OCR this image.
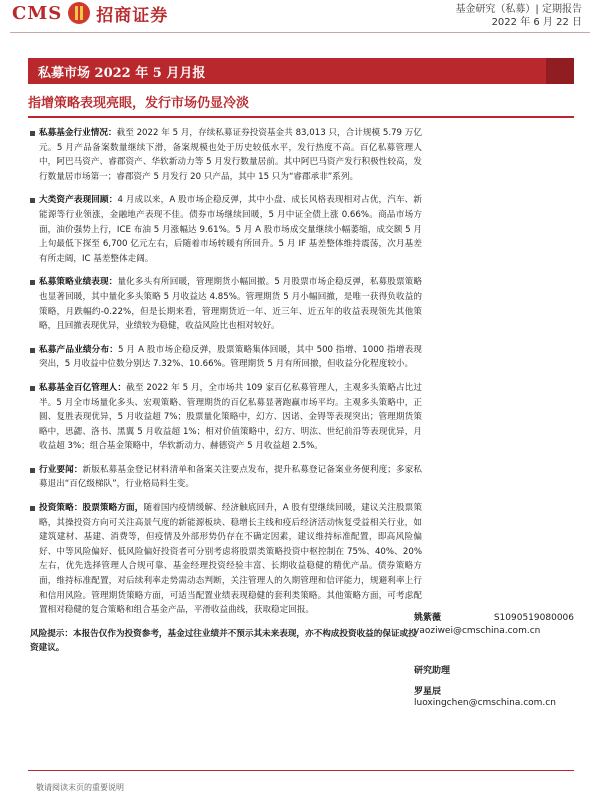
CMS 招商证券	基金研究（私募）| 定期报告
2022 年 6 月 22 日
私募市场 2022 年 5 月月报
指增策略表现亮眼，发行市场仍显冷淡
私募基金行业情况：截至 2022 年 5 月，存续私募证券投资基金共 83,013 只，合计规模 5.79 万亿元。5 月产品备案数量继续下滑，备案规模也处于历史较低水平，发行热度不高。百亿私募管理人中，阿巴马资产、睿郡资产、华软新动力等 5 月发行数量居前。其中阿巴马资产发行积极性较高，发行数量居市场第一；睿郡资产 5 月发行 20 只产品，其中 15 只为“睿郡承非”系列。
大类资产表现回顾：4 月成以来，A 股市场企稳反弹，其中小盘、成长风格表现相对占优，汽车、新能源等行业领涨，金融地产表现不佳。债券市场继续回暖，5 月中证全债上涨 0.66%。商品市场方面，油价强势上行，ICE 布油 5 月涨幅达 9.61%。5 月 A 股市场成交量继续小幅萎缩，成交额 5 月上旬最低下探至 6,700 亿元左右，后随着市场转暖有所回升。5 月 IF 基差整体维持震荡，次月基差有所走阔，IC 基差整体走阔。
私募策略业绩表现：量化多头有所回暖，管理期货小幅回撤。5 月股票市场企稳反弹，私募股票策略也显著回暖，其中量化多头策略 5 月收益达 4.85%。管理期货 5 月小幅回撤，是唯一获得负收益的策略，月跌幅约-0.22%，但是长期来看，管理期货近一年、近三年、近五年的收益表现领先其他策略，且回撤表现优异，业绩较为稳健，收益风险比也相对较好。
私募产品业绩分布：5 月 A 股市场企稳反弹，股票策略集体回暖，其中 500 指增、1000 指增表现突出，5 月收益中位数分别达 7.32%、10.66%。管理期货 5 月有所回撤，但收益分化程度较小。
私募基金百亿管理人：截至 2022 年 5 月，全市场共 109 家百亿私募管理人，主观多头策略占比过半。5 月全市场量化多头、宏观策略、管理期货的百亿私募显著跑赢市场平均。主观多头策略中，正圆、复胜表现优异，5 月收益超 7%；股票量化策略中，幻方、因诺、金锝等表现突出；管理期货策略中，思勰、洛书、黑翼 5 月收益超 1%；相对价值策略中，幻方、明汯、世纪前沿等表现优异，月收益超 3%；组合基金策略中，华软新动力、赫德资产 5 月收益超 2.5%。
行业要闻：新版私募基金登记材料清单和备案关注要点发布，提升私募登记备案业务便利度；多家私募退出“百亿级梯队”，行业格局料生变。
投资策略：股票策略方面，随着国内疫情缓解、经济触底回升，A 股有望继续回暖，建议关注股票策略，其操投资方向可关注高景气度的新能源板块、稳增长主线和疫后经济活动恢复受益相关行业，如建筑建材、基建、消费等，但疫情及外部形势仍存在不确定因素，建议维持标准配置，即高风险偏好、中等风险偏好、低风险偏好投资者可分别考虑将股票类策略投资中枢控制在 75%、40%、20% 左右，优先选择管理人合规可靠、基金经理投资经验丰富、长期收益稳健的精优产品。债券策略方面，维持标准配置，对后续利率走势需动态判断，关注管理人的久期管理和信评能力，规避利率上行和信用风险。管理期货策略方面，可适当配置业绩表现稳健的套利类策略。其他策略方面，可考虑配置相对稳健的复合策略和组合基金产品，平滑收益曲线，获取稳定回报。
风险提示：本报告仅作为投资参考，基金过往业绩并不预示其未来表现，亦不构成投资收益的保证或投资建议。
姚紫薇	S1090519080006
yaoziwei@cmschina.com.cn
研究助理
罗星辰
luoxingchen@cmschina.com.cn
敬请阅读末页的重要说明
